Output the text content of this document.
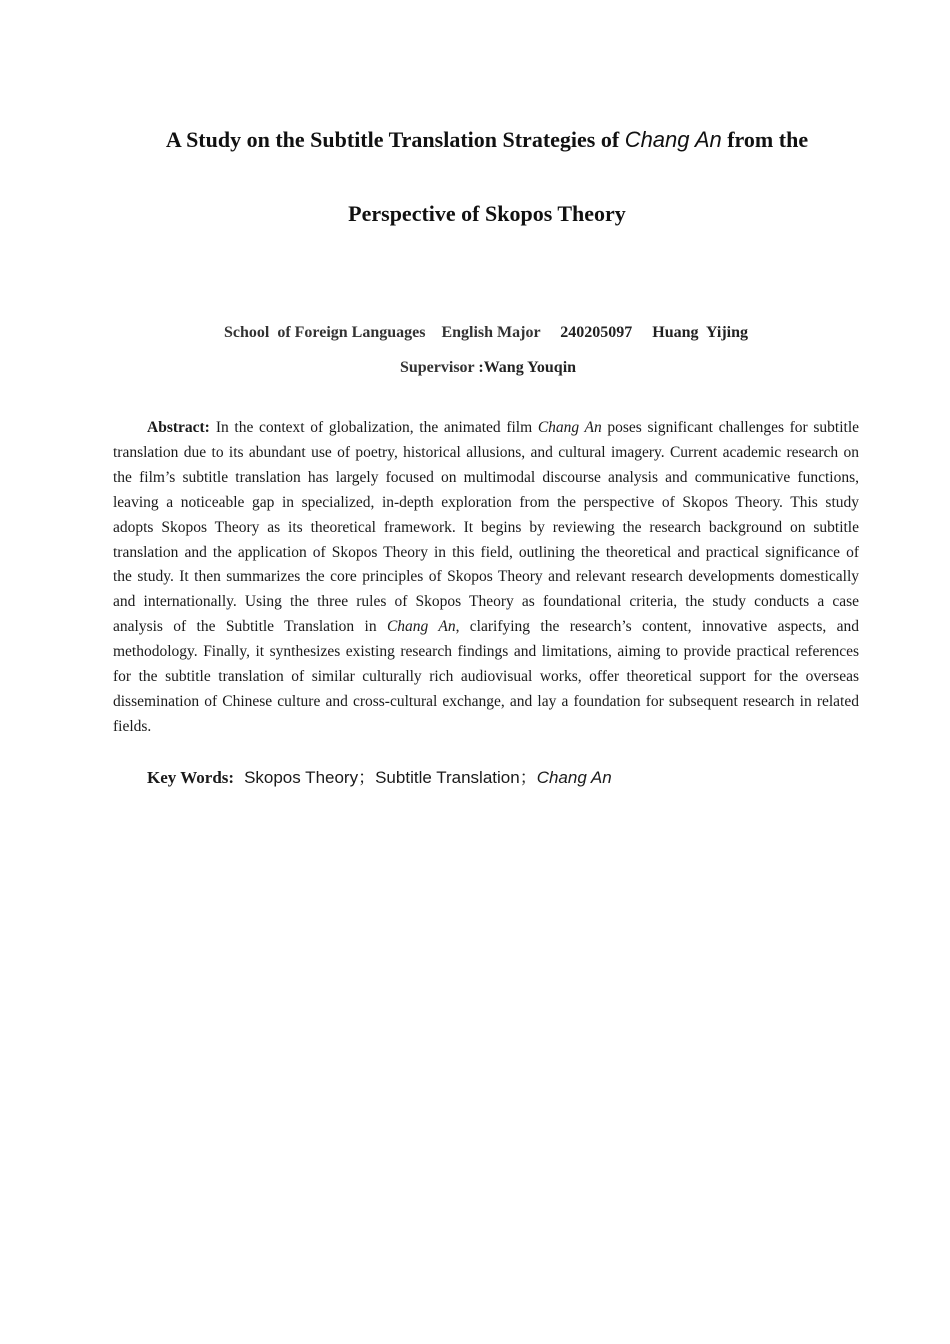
A Study on the Subtitle Translation Strategies of Chang An from the
Perspective of Skopos Theory
School  of Foreign Languages English Major 240205097 Huang  Yijing
Supervisor :Wang Youqin

Abstract: In the context of globalization, the animated film Chang An poses significant challenges for subtitle translation due to its abundant use of poetry, historical allusions, and cultural imagery. Current academic research on the film’s subtitle translation has largely focused on multimodal discourse analysis and communicative functions, leaving a noticeable gap in specialized, in-depth exploration from the perspective of Skopos Theory. This study adopts Skopos Theory as its theoretical framework. It begins by reviewing the research background on subtitle translation and the application of Skopos Theory in this field, outlining the theoretical and practical significance of the study. It then summarizes the core principles of Skopos Theory and relevant research developments domestically and internationally. Using the three rules of Skopos Theory as foundational criteria, the study conducts a case analysis of the Subtitle Translation in Chang An, clarifying the research’s content, innovative aspects, and methodology. Finally, it synthesizes existing research findings and limitations, aiming to provide practical references for the subtitle translation of similar culturally rich audiovisual works, offer theoretical support for the overseas dissemination of Chinese culture and cross-cultural exchange, and lay a foundation for subsequent research in related fields.

Key Words: Skopos Theory；Subtitle Translation；Chang An
